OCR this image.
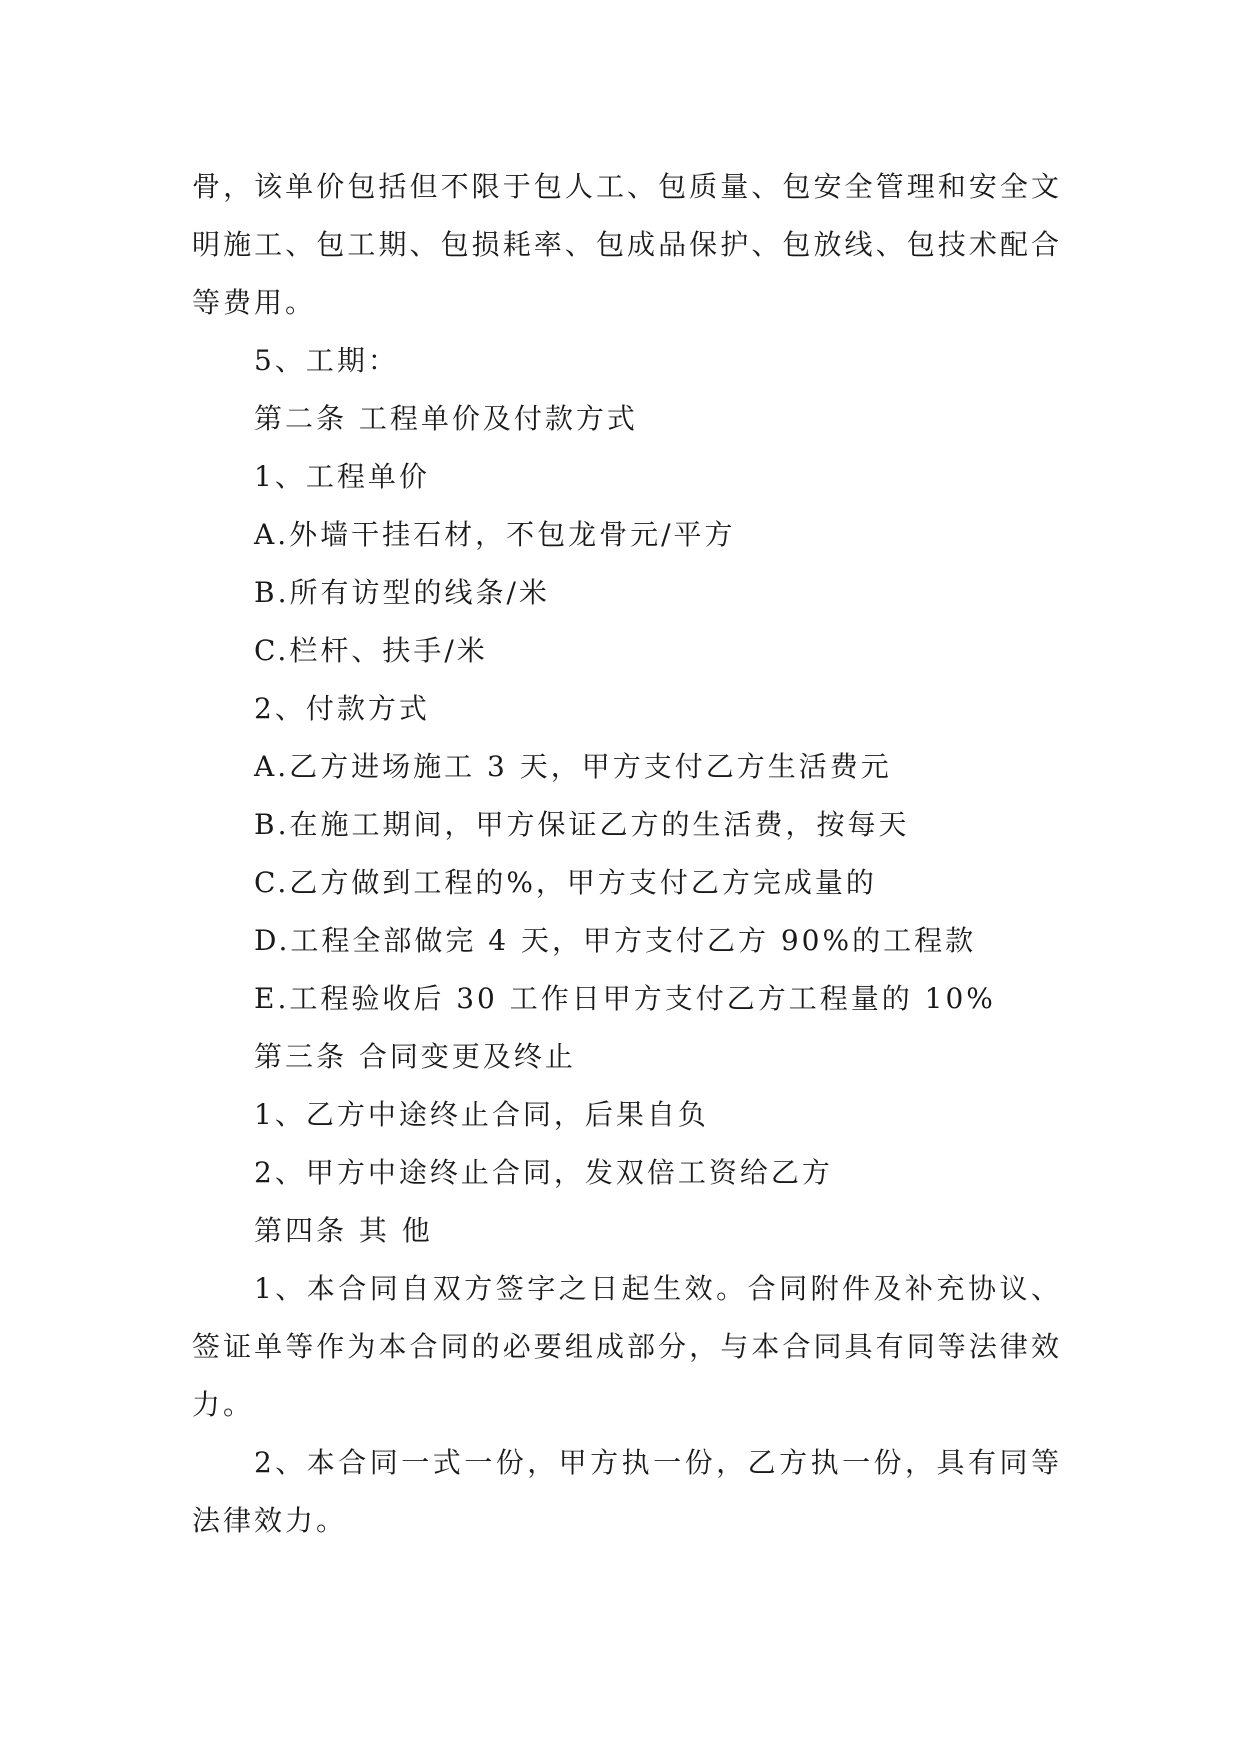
骨，该单价包括但不限于包人工、包质量、包安全管理和安全文明施工、包工期、包损耗率、包成品保护、包放线、包技术配合等费用。

5、工期：

第二条 工程单价及付款方式

1、工程单价

A.外墙干挂石材，不包龙骨元/平方

B.所有访型的线条/米

C.栏杆、扶手/米

2、付款方式

A.乙方进场施工 3 天，甲方支付乙方生活费元

B.在施工期间，甲方保证乙方的生活费，按每天

C.乙方做到工程的%，甲方支付乙方完成量的

D.工程全部做完 4 天，甲方支付乙方 90%的工程款

E.工程验收后 30 工作日甲方支付乙方工程量的 10%

第三条 合同变更及终止

1、乙方中途终止合同，后果自负

2、甲方中途终止合同，发双倍工资给乙方

第四条 其 他

1、本合同自双方签字之日起生效。合同附件及补充协议、签证单等作为本合同的必要组成部分，与本合同具有同等法律效力。

2、本合同一式一份，甲方执一份，乙方执一份，具有同等法律效力。
